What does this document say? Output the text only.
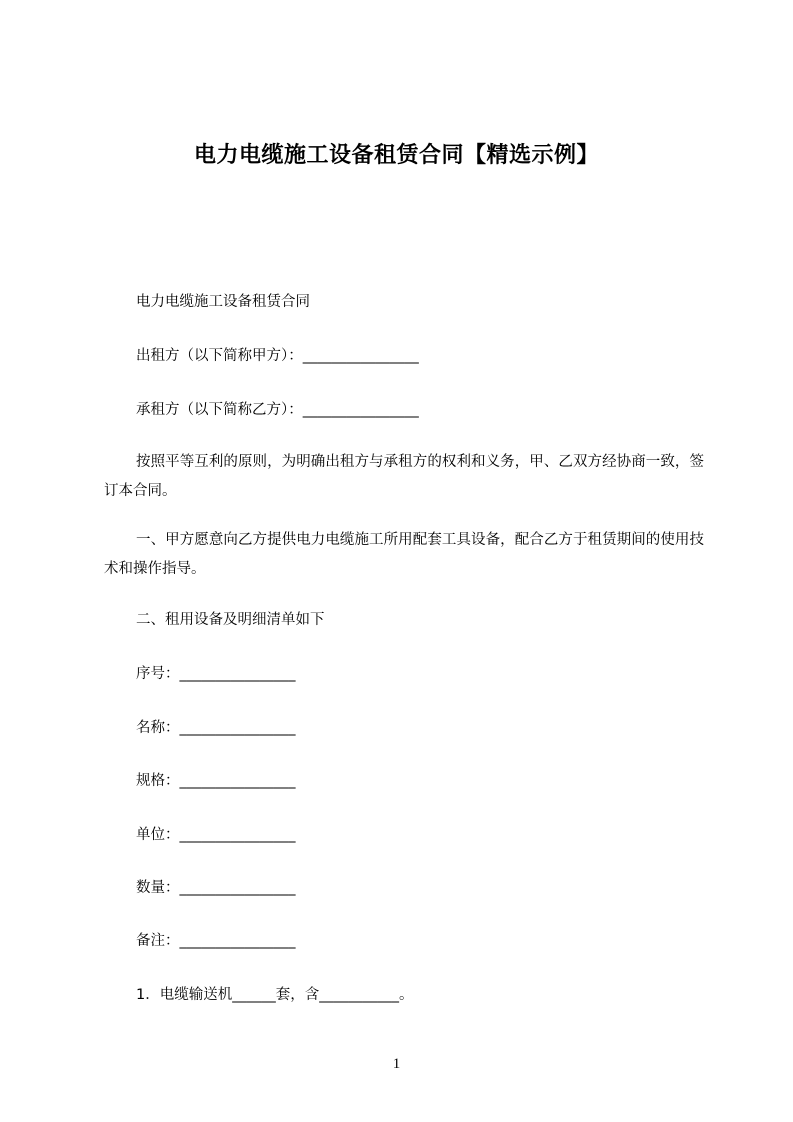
电力电缆施工设备租赁合同【精选示例】
电力电缆施工设备租赁合同
出租方（以下简称甲方）：________________
承租方（以下简称乙方）：________________
按照平等互利的原则，为明确出租方与承租方的权利和义务，甲、乙双方经协商一致，签订本合同。
一、甲方愿意向乙方提供电力电缆施工所用配套工具设备，配合乙方于租赁期间的使用技术和操作指导。
二、租用设备及明细清单如下
序号：________________
名称：________________
规格：________________
单位：________________
数量：________________
备注：________________
1．电缆输送机______套，含___________。
1
